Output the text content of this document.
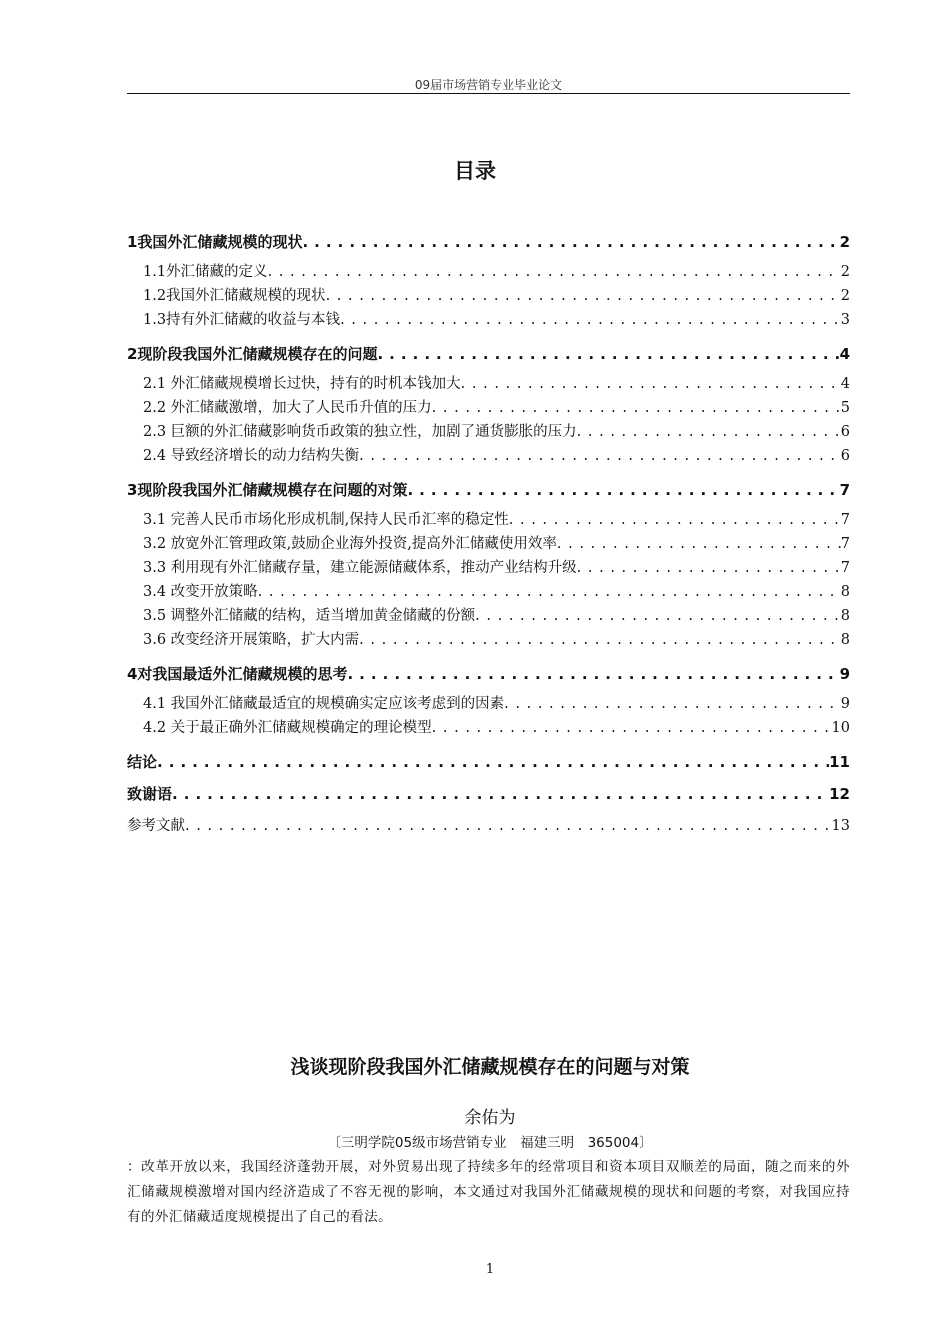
09届市场营销专业毕业论文
目录
1我国外汇储藏规模的现状 . . .	2
1.1外汇储藏的定义 . . .	2
1.2我国外汇储藏规模的现状 . . .	2
1.3持有外汇储藏的收益与本钱 . . .	3
2现阶段我国外汇储藏规模存在的问题 . . .	4
2.1 外汇储藏规模增长过快，持有的时机本钱加大 . . .	4
2.2 外汇储藏激增，加大了人民币升值的压力 . . .	5
2.3 巨额的外汇储藏影响货币政策的独立性，加剧了通货膨胀的压力 . . .	6
2.4 导致经济增长的动力结构失衡 . . .	6
3现阶段我国外汇储藏规模存在问题的对策 . . .	7
3.1 完善人民币市场化形成机制,保持人民币汇率的稳定性 . . .	7
3.2 放宽外汇管理政策,鼓励企业海外投资,提高外汇储藏使用效率 . . .	7
3.3 利用现有外汇储藏存量，建立能源储藏体系，推动产业结构升级 . . .	7
3.4 改变开放策略 . . .	8
3.5 调整外汇储藏的结构，适当增加黄金储藏的份额 . . .	8
3.6 改变经济开展策略，扩大内需 . . .	8
4对我国最适外汇储藏规模的思考 . . .	9
4.1 我国外汇储藏最适宜的规模确实定应该考虑到的因素 . . .	9
4.2 关于最正确外汇储藏规模确定的理论模型 . . .	10
结论 . . .	11
致谢语 . . .	12
参考文献 . . .	13
浅谈现阶段我国外汇储藏规模存在的问题与对策
余佑为
〔三明学院05级市场营销专业　福建三明　365004〕
：改革开放以来，我国经济蓬勃开展，对外贸易出现了持续多年的经常项目和资本项目双顺差的局面，随之而来的外汇储藏规模激增对国内经济造成了不容无视的影响，本文通过对我国外汇储藏规模的现状和问题的考察，对我国应持有的外汇储藏适度规模提出了自己的看法。
1
